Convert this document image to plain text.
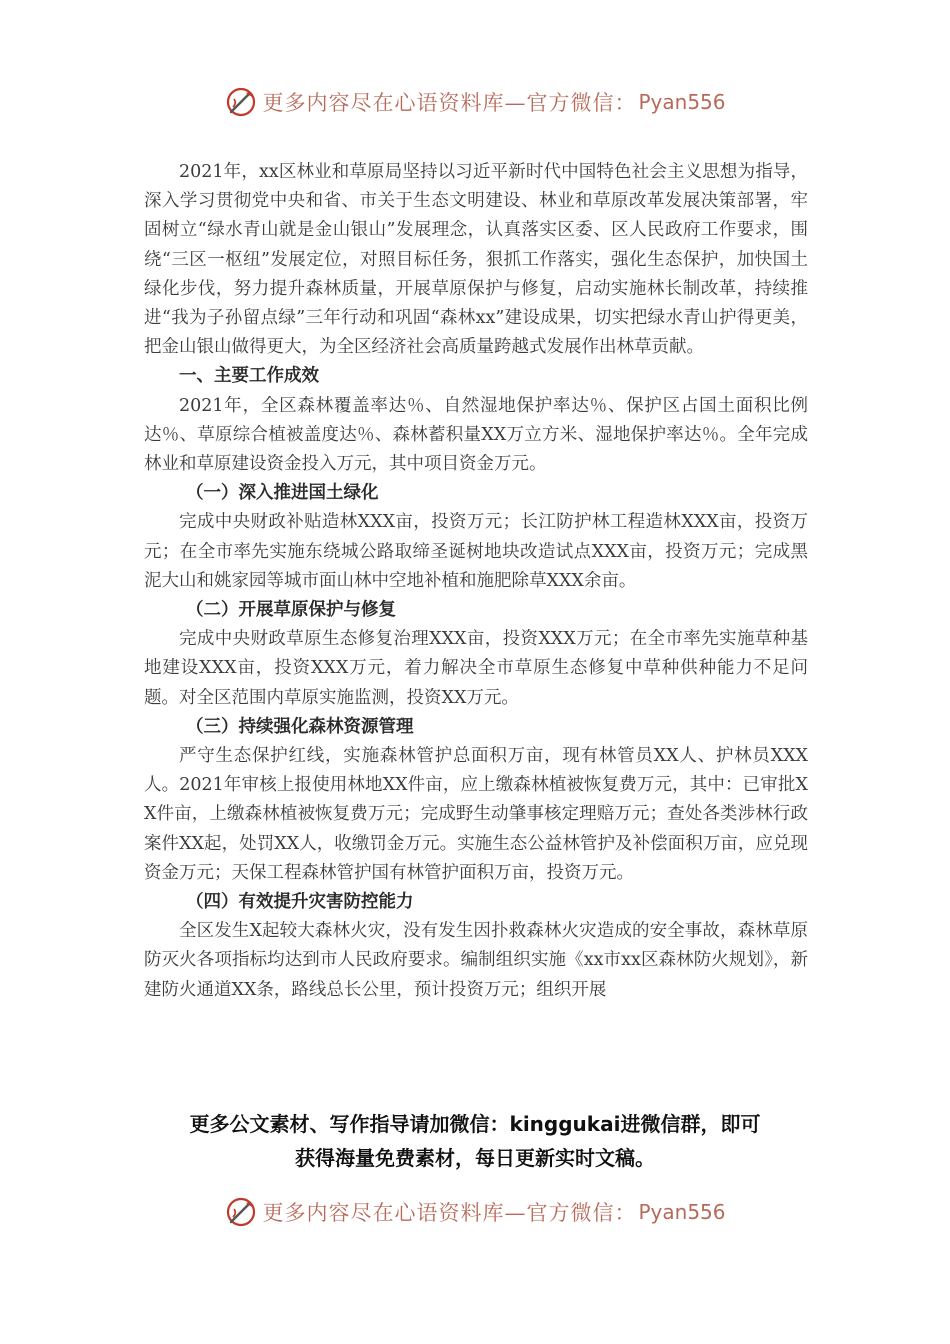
更多内容尽在心语资料库—官方微信： Pyan556

2021年，xx区林业和草原局坚持以习近平新时代中国特色社会主义思想为指导，深入学习贯彻党中央和省、市关于生态文明建设、林业和草原改革发展决策部署，牢固树立“绿水青山就是金山银山”发展理念，认真落实区委、区人民政府工作要求，围绕“三区一枢纽”发展定位，对照目标任务，狠抓工作落实，强化生态保护，加快国土绿化步伐，努力提升森林质量，开展草原保护与修复，启动实施林长制改革，持续推进“我为子孙留点绿”三年行动和巩固“森林xx”建设成果，切实把绿水青山护得更美，把金山银山做得更大，为全区经济社会高质量跨越式发展作出林草贡献。

一、主要工作成效

2021年，全区森林覆盖率达％、自然湿地保护率达％、保护区占国土面积比例达％、草原综合植被盖度达％、森林蓄积量XX万立方米、湿地保护率达％。全年完成林业和草原建设资金投入万元，其中项目资金万元。

（一）深入推进国土绿化

完成中央财政补贴造林XXX亩，投资万元；长江防护林工程造林XXX亩，投资万元；在全市率先实施东绕城公路取缔圣诞树地块改造试点XXX亩，投资万元；完成黑泥大山和姚家园等城市面山林中空地补植和施肥除草XXX余亩。

（二）开展草原保护与修复

完成中央财政草原生态修复治理XXX亩，投资XXX万元；在全市率先实施草种基地建设XXX亩，投资XXX万元，着力解决全市草原生态修复中草种供种能力不足问题。对全区范围内草原实施监测，投资XX万元。

（三）持续强化森林资源管理

严守生态保护红线，实施森林管护总面积万亩，现有林管员XX人、护林员XXX人。2021年审核上报使用林地XX件亩，应上缴森林植被恢复费万元，其中：已审批XX件亩，上缴森林植被恢复费万元；完成野生动肇事核定理赔万元；查处各类涉林行政案件XX起，处罚XX人，收缴罚金万元。实施生态公益林管护及补偿面积万亩，应兑现资金万元；天保工程森林管护国有林管护面积万亩，投资万元。

（四）有效提升灾害防控能力

全区发生X起较大森林火灾，没有发生因扑救森林火灾造成的安全事故，森林草原防灭火各项指标均达到市人民政府要求。编制组织实施《xx市xx区森林防火规划》，新建防火通道XX条，路线总长公里，预计投资万元；组织开展

更多公文素材、写作指导请加微信：kinggukai进微信群，即可
获得海量免费素材，每日更新实时文稿。
更多内容尽在心语资料库—官方微信： Pyan556
